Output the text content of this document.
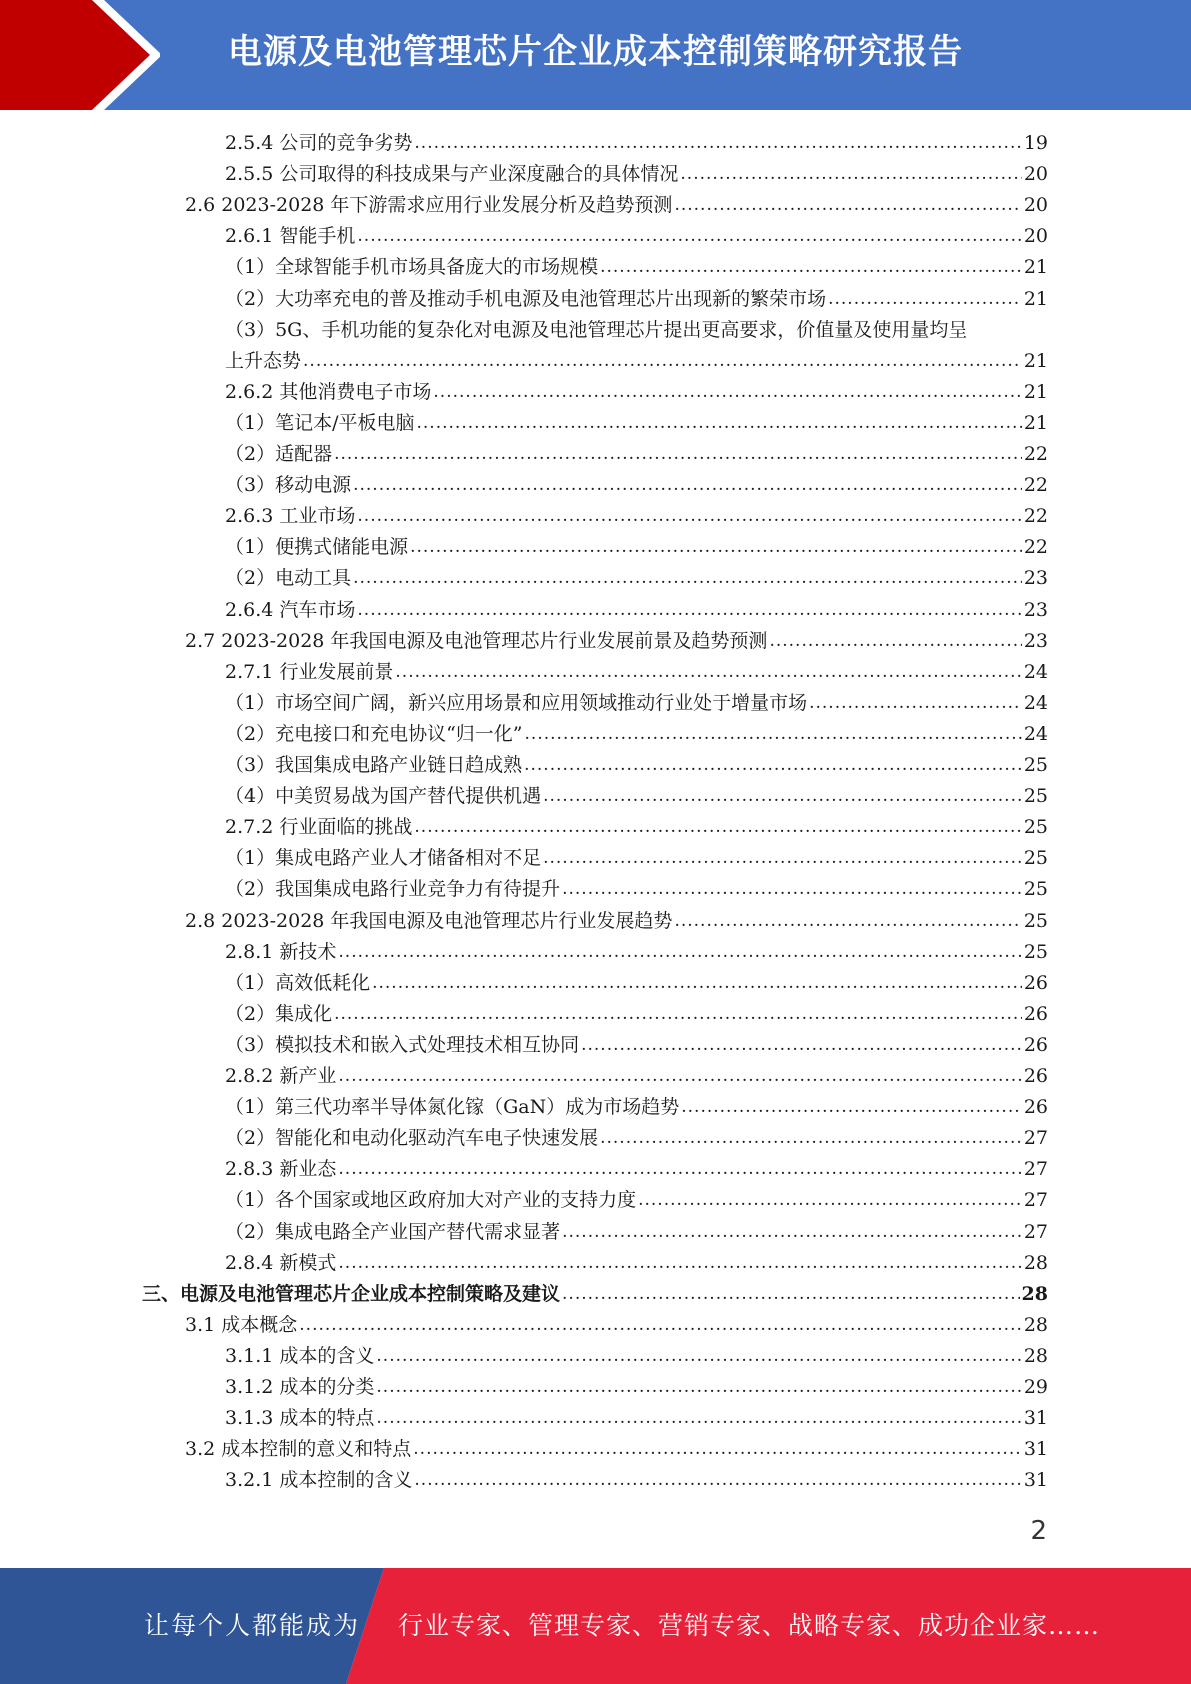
电源及电池管理芯片企业成本控制策略研究报告
2.5.4 公司的竞争劣势 .....	19
2.5.5 公司取得的科技成果与产业深度融合的具体情况 .....	20
2.6 2023-2028 年下游需求应用行业发展分析及趋势预测 .....	20
2.6.1 智能手机 .....	20
（1）全球智能手机市场具备庞大的市场规模 .....	21
（2）大功率充电的普及推动手机电源及电池管理芯片出现新的繁荣市场 .....	21
（3）5G、手机功能的复杂化对电源及电池管理芯片提出更高要求，价值量及使用量均呈
上升态势 .....	21
2.6.2 其他消费电子市场 .....	21
（1）笔记本/平板电脑 .....	21
（2）适配器 .....	22
（3）移动电源 .....	22
2.6.3 工业市场 .....	22
（1）便携式储能电源 .....	22
（2）电动工具 .....	23
2.6.4 汽车市场 .....	23
2.7 2023-2028 年我国电源及电池管理芯片行业发展前景及趋势预测 .....	23
2.7.1 行业发展前景 .....	24
（1）市场空间广阔，新兴应用场景和应用领域推动行业处于增量市场 .....	24
（2）充电接口和充电协议“归一化” .....	24
（3）我国集成电路产业链日趋成熟 .....	25
（4）中美贸易战为国产替代提供机遇 .....	25
2.7.2 行业面临的挑战 .....	25
（1）集成电路产业人才储备相对不足 .....	25
（2）我国集成电路行业竞争力有待提升 .....	25
2.8 2023-2028 年我国电源及电池管理芯片行业发展趋势 .....	25
2.8.1 新技术 .....	25
（1）高效低耗化 .....	26
（2）集成化 .....	26
（3）模拟技术和嵌入式处理技术相互协同 .....	26
2.8.2 新产业 .....	26
（1）第三代功率半导体氮化镓（GaN）成为市场趋势 .....	26
（2）智能化和电动化驱动汽车电子快速发展 .....	27
2.8.3 新业态 .....	27
（1）各个国家或地区政府加大对产业的支持力度 .....	27
（2）集成电路全产业国产替代需求显著 .....	27
2.8.4 新模式 .....	28
三、电源及电池管理芯片企业成本控制策略及建议 .....	28
3.1 成本概念 .....	28
3.1.1 成本的含义 .....	28
3.1.2 成本的分类 .....	29
3.1.3 成本的特点 .....	31
3.2 成本控制的意义和特点 .....	31
3.2.1 成本控制的含义 .....	31
2
让每个人都能成为 行业专家、管理专家、营销专家、战略专家、成功企业家……
